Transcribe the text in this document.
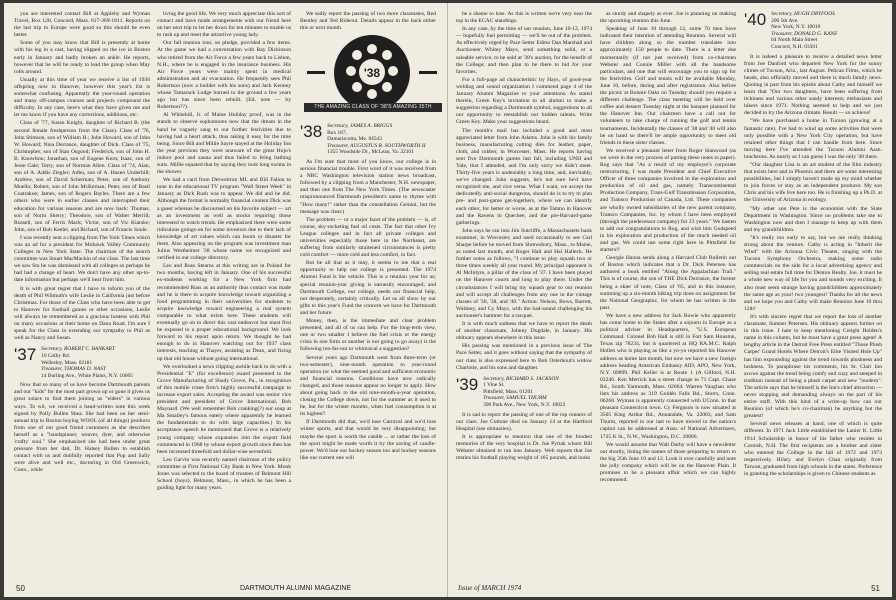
you are interested contact Bill at Appleby and Wyman Travel, Box 128, Concord, Mass. 617-369-1811. Reports on the last trip to Europe were good so this should be even better.

Some of you may know that Bill is presently at home with his leg in a cast, having slipped on the ice in Boston early in January and badly broken an ankle. He reports, however that he will be ready to lead the group when May rolls around.

Usually at this time of year we receive a list of 1936 offspring now in Hanover, however this year's list is somewhat confusing. Apparently the year-round operation and many off-campus courses and projects compound the difficulty. In any case, here's what they have given me and let me know if you have any corrections, additions, etc.

Class of '77, Susan Knight, daughter of Richard B. (the second female freshperson from the Class). Class of '76, John Stimson, son of William H.; John Howard, son of John W. Howard; Nina Derrance, daughter of Dick. Class of '75, Christopher, son of Stan Osgood; Frederick, son of John H. B. Knowlton; Jonathan, son of Eugene Kern; Isaac, son of Jesse Gale; Terry, son of Norman Allen. Class of '74, Alan, son of A. Addis Ziegler; Adhu, son of A. Hazen Underhill; Andrew, son of David Scherman; Peter, son of Anthony Muello; Robert, son of John McKernan; Peter, son of Basil Cuatrakoe; James, son of Rogers Bayles. There are a few others who were in earlier classes and interrupted their education for various reasons and are now back: Thomas, son of Norm Sherry; Theodore, son of Walter Merrill; Russell, son of Ferris Mack; Victor, son of Vic Kiarske; John, son of Bob Keeler, and Richard, son of Francis Soule.

I was recently sent a clipping from The York Times which was an ad for a president for Mohawk Valley Community Colleges in New York State. The chairman of the search committee was Stuart MacMackin of our class. The last time we saw Stu he was dismissed with all colleges so perhaps he had had a change of heart. We don't have any other up-to-date information but perhaps we'll hear from him.

It is with great regret that I have to inform you of the death of Phil Wilmuth's wife Leslie in California just before Christmas. For those of the Class who have been able to get to Hanover for football games or other occasions, Leslie will always be remembered as a gracious hostess with Phil on many occasions at their home on Dana Road. I'm sure I speak for the Class in extending our sympathy to Phil as well as Nancy and Susan.

'37 Secretary, ROBERT C. BANKART
10 Colby Rd.
Wellesley, Mass. 02181
Treasurer, THOMAS D. NAST
14 Burling Ave., White Plains, N.Y. 10605

Now that so many of us have become Dartmouth parents and our "kids" for the most part grown up or gone it gives us great solace to find them joining us "elders" in various ways. To wit, we received a hand-written note this week signed by Polly Bullen Shea. She had been on her semi-annual trip to Boston buying WOOL (of all things) products from one of our good friend customers as she describes herself as a "handspinner, weaver, dyer, and otherwise 'crafty' soul." She emphasized she had been under great pressure from her dad, Dr. Halsey Bullen to establish contact with us and dutifully reported that Pop and Sally were alive and well etc., doctoring in Old Greenwich, Conn., while

living the good life. We very much appreciate this sort of contact and have made arrangements with our friend here on her next trip to let her down for ten minutes to enable us to rush up and meet the attractive young lady.

Our fall reunion tour, on pledge, provided a few items. At the game we had a conversation with Ray Dickinson who retired from the Air Force a few years back to Lisbon, N.H., where he is engaged in the insurance business. His Air Force years were mainly spent in medical administration and air evacuation. He frequently sees Phil Robertson (now a builder with his sons) and Jack Kenney whose Tamarack Lodge burned to the ground a few years ago but has since been rebuilt. (Ed. note — by Robertson??).

Al Whitehill, Jr. of Maine Holiday proof, was in the stands to observe sophomores now that the dream in the band he vaguely sang to our further festivities due to having had a heart attack, thus taking it easy for the time being. Since Bill and Millie Sayre stayed at the Holiday Inn the year previous they were unaware of the great Hojo's indoor pool and sauna and thus failed to bring bathing suits. Millie equated that by saying they took long swims in the shower.

We had a card from Derweirton ML and Bill Falion to tune in the educational TV program "Wall Street Week" in January as Dick Rush was to appear. We did and he did. Although the format is normally financial content Dick was a guest whereas he discoursed on his favorite subject — art as an investment as well as stocks requiring those interested to watch trends. He emphasized there were some ridiculous goings-on for some investors due to their lack of knowledge of art values which can boom or disaster for them. Also appearing on the program was investment man Julius Westheimer '38 whose name we recognized and verified in our college directory.

Leo and Russ Stearns at this writing are in Poland for two months, having left in January. One of his successful ex-students working for a New York firm had recommended Russ as an authority thus contact was made and he is there to acquire knowledge toward organizing a food programming in their universities for students to acquire knowledge toward engineering a real system comparable to what exists here. These students will eventually go on to direct this vast endeavor but must first be exposed to a proper educational background. We look forward to his report upon return. We thought he had enough to do in Hanover watching out for 1937 class interests, teaching at Thayer, assisting as Dean, and fixing up that old house without going international.

We overlooked a news clipping awhile back to do with a Presidential "E" (for excellence) award presented to the Grove Manufacturing of Shady Grove, Pa., in recognition of this mobile crane firm's highly successful campaign to increase export sales. Accepting the award was senior vice president and president of Grove International, Bob Maynard. (We well remember Bob cranking(?) our soup at Ma Smalley's famous eatery where apparently he learned the fundamentals to do with large capacities.) In his acceptance speech he mentioned that Grove is a relatively young company whose expansion into the export field commenced in 1968 by whose export growth since then has been increased threefold and dollar-wise sevenfold.

Leo Garvin was recently named chairman of the policy committee at First National City Bank in New York. Monk Jones was selected to the board of trustees of Belmont Hill School (boys), Belmont, Mass., in which he has been a guiding light for many years.

We sadly report the passing of two more classmates, Red Bentley and Ted Rideout. Details appear in the back either this or next month.

'38
THE AMAZING CLASS OF '38'S AMAZING 35TH
'38 Secretary, JAMES A. BRIGGS
Box 187,
Damariscotta, Me. 04543
Treasurer, AUGUSTUS R. SOUTHWORTH II
1355 Woodside Dr., McLean, Va. 22101

As I'm sure that most of you know, our college is in serious financial trouble. First word of it was received from a NBC Washington television station news broadcast, followed by a clipping from a Manchester, N.H. newspaper, and then one from The New York Times. (The newscaster mispronounced Dartmouth president's name to rhyme with "How many!" rather than the constellation Gemini, but the message was clear.)

The problem — or a major facet of the problem — is, of course, sky-rocketing fuel oil costs. The fact that other Ivy League colleges and in fact all private colleges and universities especially those here in the Northeast, are suffering from similarly straitened circumstances is pretty cold comfort — more cold and less comfort, in fact.

But be all that as it may, it seems to me that a real opportunity to help our college is presented. The 1974 Alumni Fund is the vehicle. This is a reunion year for us; special reunion-year giving is earnestly encouraged; and Dartmouth College, our college, needs our financial help, not desperately, certainly critically. Let us all show by our gifts to this year's Fund the concern we have for Dartmouth and her future.

Money, then, is the immediate and clear problem presented, and all of us can help. For the long-term view, one or two smaller I believe the fuel crisis or the energy crisis in one form or another is not going to go away) is the following too-far-out or whimsical a suggestion?

Several years ago Dartmouth went from three-term (or two-semester), nine-month operation to year-round operation (or what the seemed good and sufficient economic and financial reasons. Conditions have now radically changed, and those reasons appear no longer to apply. How about going back to the old nine-month-a-year operation, closing the College down, not for the summer as it used to be, but for the winter months, when fuel consumption is at its highest?

If Dartmouth did that, we'd lose Carnival and we'd lose winter sports, and that would be very disappointing; but maybe the sport is worth the candle ... or rather the loss of the sport might be made worth it by the saving of candle-power. We'd lose our hockey season too and hockey seasons like our current one will

50	DARTMOUTH ALUMNI MAGAZINE

be a shame to lose. As this is written we're very near the top in the ECAC standings.

In any case, by the time of our reunion, June 10-12, 1974 — hopefully fuel permitting — we'll be out of the problem. As effectively urged by Pace Setter Editor Dan Marshall and Auctioneer Whitey Mays, send something solid, or a saleable service, to be sold at '38's auction, for the benefit of the College; and then plan to be there to bid for your favorites.

For a full-page ad characteristic by Hays, of good-year welding and sound organization I commend page 4 of the January Alumni Magazine to your attentions. As stated therein, Green Key's invitation to all alumni to make a suggestion regarding a Dartmouth symbol, suggestions to all our opportunity to reestablish our hidden talents. Write Green Key. Make your suggestions heard.

The month's mail has included a good and most appreciated letter from John Adams. John is with his family business, manufacturing cutting dies for leather, paper, cloth, and rubber, in Worcester, Mass. He reports having sent five Dartmouth games last fall, including UNH and Yale, that I attended, and I'm only sorry we didn't meet. Thirty-five years is undeniably a long time, and, inevitably, we've changed. John suggests, he's not sure he'd have recognized me, and vice versa. What I want, we accept the dedicatedly anti-social dungeons, should do is to try to plan pre- and post-game get-togethers, where we can identify each other, for better or worse, as at the Tamno in Hanover and the Ravens in Quechee, and the pre-Harvard-game gatherings.

John says he ran into Jim Sutcliffe, a Massachusetts bank examiner, in Worcester, and used occasionally to see Carl Sharpe before he moved from Shrewsbury, Mass., to Maine, as noted last month, and Roger Hall and Hal Halleck. He further notes as follows, "I continue to play squash two or three times weekly all year round. My principal opponent is Al McIntyre, a pillar of the class of '37. I have been played on the Hanover courts and long to play there. Under the circumstances I will bring my squash gear to our reunion and will accept all challenges from any one in the vintage classes of '36, '38, and '40." Action: Nelson, Bows, Barrett, Waldsey, and Cy Mays, with the bad-sound challenging his auctioneer's hammer for a racquet.

It is with much sadness that we have to report the death of another classmate, Johnny Dugdale, in January. His obituary appears elsewhere in this issue.

His passing was mentioned in a previous issue of The Pace Setter, and it goes without saying that the sympathy of our class is also expressed here to Bob Osterhout's widow Charlotte, and his sons and daughter.

'39 Secretary, RICHARD S. JACKSON
1 Vine St.
Pittsfield, Mass. 01201
Treasurer, SAMUEL THURM
390 Park Ave., New York, N.Y. 10022

It is sad to report the passing of one of the top runners of our class. Joe Cottone died on January 14 at the Hartford Hospital (see obituaries).

It is appropriate to mention that one of the fondest memories of the very hospital is Dr. Joe Pyrtak whom Bill Webster obtained to run into January. Web reports that Joe retains his football playing weight of 165 pounds, and looks

as sturdy and shapely as ever. Joe is planning on making the upcoming reunion this June.

Speaking of June 10 through 12, some 70 men have indicated their intention of attending Reunion. Several will have children along so the number translates into approximately 150 people to date. There is a letter due momentarily (if not just received) from co-chairmen Webster and Connie Miller with all the handsome particulars, and one that will encourage you to sign up for the festivities. Golf and tennis will be available Monday, June 10, before, during and after registration. Also before the picnic at Bonnie Oaks on Tuesday should you require a different challenge. The class meeting will be held over coffee and dessert Tuesday night at the banquet planned for the Hanover Inn. Our chairmen have a call out for volunteers to take charge of running the golf and tennis tournaments. Incidentally the classes of '38 and '40 will also be on hand so there'll be ample opportunity to meet old friends in these sister classes.

We received a pleasant letter from Roger Stanwood (as we were in the very process of putting these notes to paper). Rog says that "As a result of my employer's corporate restructuring, I was made President and Chief Executive Officer of three companies involved in the exploration and production of oil and gas, namely Transcontinental Production Company, Trans-Gulf Transmission Corporation, and Transco Production of Canada, Ltd. These companies are wholly owned subsidiaries of the new parent company, Transco Companies, Inc. by whom I have been employed (through the predecessor company) for 23 years." We hasten to add our congratulations to Rog, and wish him Godspeed in his exploration and production of the much needed oil and gas. We could use some right here in Pittsfield for starters!!

Georgie Hanna sends along a Harvard Club Bulletin out of Boston which indicates that a Dr. Dick Petersen has authored a book entitled "Along the Appalachian Trail." This is of course, the son of THE Dick Durrance, the former being a skier of note, Class of '65, and in this instance, summing up a six-month hiking trip done on assignment for the National Geographic, for whom he has written in the past.

We have a new address for Jack Bowie who apparently has come home to the States after a sojourn in Europe as a political adviser in Headquarters, "U.S. European Command. Colonel Bob Hall is still in Fort Sam Houston, Texas zip 78234, but is quartered at HQ RA.M.C. Ralph Hollen who is playing as like a yo-yo reported his Hanover address as home last month, but now we have a new foreign address heading American Embassy AID, APO, New York, N.Y. 09899. Phil Keller is at Route 1 (A Gilford, N.H. 03246. Ken Merrick has a street change to 71 Capt. Chase Rd., South Yarmouth, Mass. 02664. Warren Vaughan who lists his address as 319 Goldén Falls Rd., Storrs, Conn. 06268. Wyman is apparently connected with UConn. in that pleasant Connecticut town. Cy Ferguson is now situated at 3505 King Arthur Rd., Annandale, Va. 22003, and Sam Thurm, reported in our last to have moved to the nation's capitol can be addressed at Assn. of National Advertisers, 1725 K St., N.W., Washington, D.C. 20006.

We would assume that Walt Darby will have a newsletter out shortly, listing the names of those preparing to return to the big 35th June 10 and 12. Look it over carefully and note the jolly company which will be on the Hanover Plain. It promises to be a pleasant affair which we can highly recommend.

'40 Secretary, HUGH DRYFOOS
200 5th Ave.
New York, N.Y. 10010
Treasurer, DONALD G. KANE
64 North Main Street
Concord, N.H. 03301

It is indeed a pleasure to receive a detailed news letter from Joe Danford who departed New York for the sunny climes of Tucson, Ariz., last August. Pelican Films, which he heads, also officially moved and there is much family news. Quoting in part from his epistle about Cathy and himself we learn that "Our two daughters, have been suffering from itchiness and various other sandy interests; enthusiasts and hikers since 1971. Nothing seemed to help and we just decided to try the Arizona climate. Result — so achieve!

"We have purchased a home in Tucson (growing at a fantastic rate). I've had to wind up some activities that were only possible with a New York City operation, but have retained other things that I can handle from here. Since moving here I've attended the Tucson Alumni Assn. luncheons. As nearly as I can guess I was the only '40 there.

"Our daughter Lisa is an art student of the film industry that exists here and in Phoenix and there are some interesting possibilities, but I simply haven't made up my mind whether to join forces or stay as an independent producer. My son Chris and his wife live here too. He is finishing up a Ph.D. at the University of Arizona in ecology.

"My other son Pete is the economist with the State Department in Washington. Since no problems take me to Washington now and then I manage to keep up with them and my grandchildren.

"It's really too early to say, but we are really thinking strong about the venture. Cathy is acting in "Inherit the Wind" with the Arizona Civic Theater, singing with the Tucson Symphony Orchestra, making some radio commercials on the side for a local advertising agency and selling real estate full time for Denton Realty. Joe, it must be a whole new way of life for you and sounds very exciting. It also must seem strange having grandchildren approximately the same age as your! two youngest! Thanks for all the news and we hope you and Cathy will make Reunion June 10 thru 12th!

It's with sincere regret that we report the loss of another classmate, Sumner Petersen. His obituary appears further on in this issue. I hate to keep mentioning Creight Holden's name in this column, but he must have a great press agent! A lengthy article in the Detroit Free Press entitled "Those Plush Carpet' Grand Hotels Where Detroit's Elite Visited Hole Up" has him expounding against the trend towards plushness and lushness. To paraphrase his comments, his St. Clair Inn avows against the trend being comfy and cozy and steeped in tradition instead of being a plush carpet and new "modern". The article says that he himself is the Inn's chief attraction — never stopping and demanding always on the part of his entire staff. With this kind of a write-up how can our Reunion (of which he's co-chairman) be anything but the greatest!

Several news releases at hand, one of which is quite different. In 1971 Jack Little established the Lanier K. Little 1914 Scholarship in honor of his father who resides in Cornish, N.H. The first recipients are a brother and sister who entered the College in the fall of 1972 and 1973 respectively. Hilary and Evelyn Chan originally from Taiwan, graduated from high schools in the states. Preference in granting the scholarships is given to Chinese students as

Issue of MARCH 1974	51
